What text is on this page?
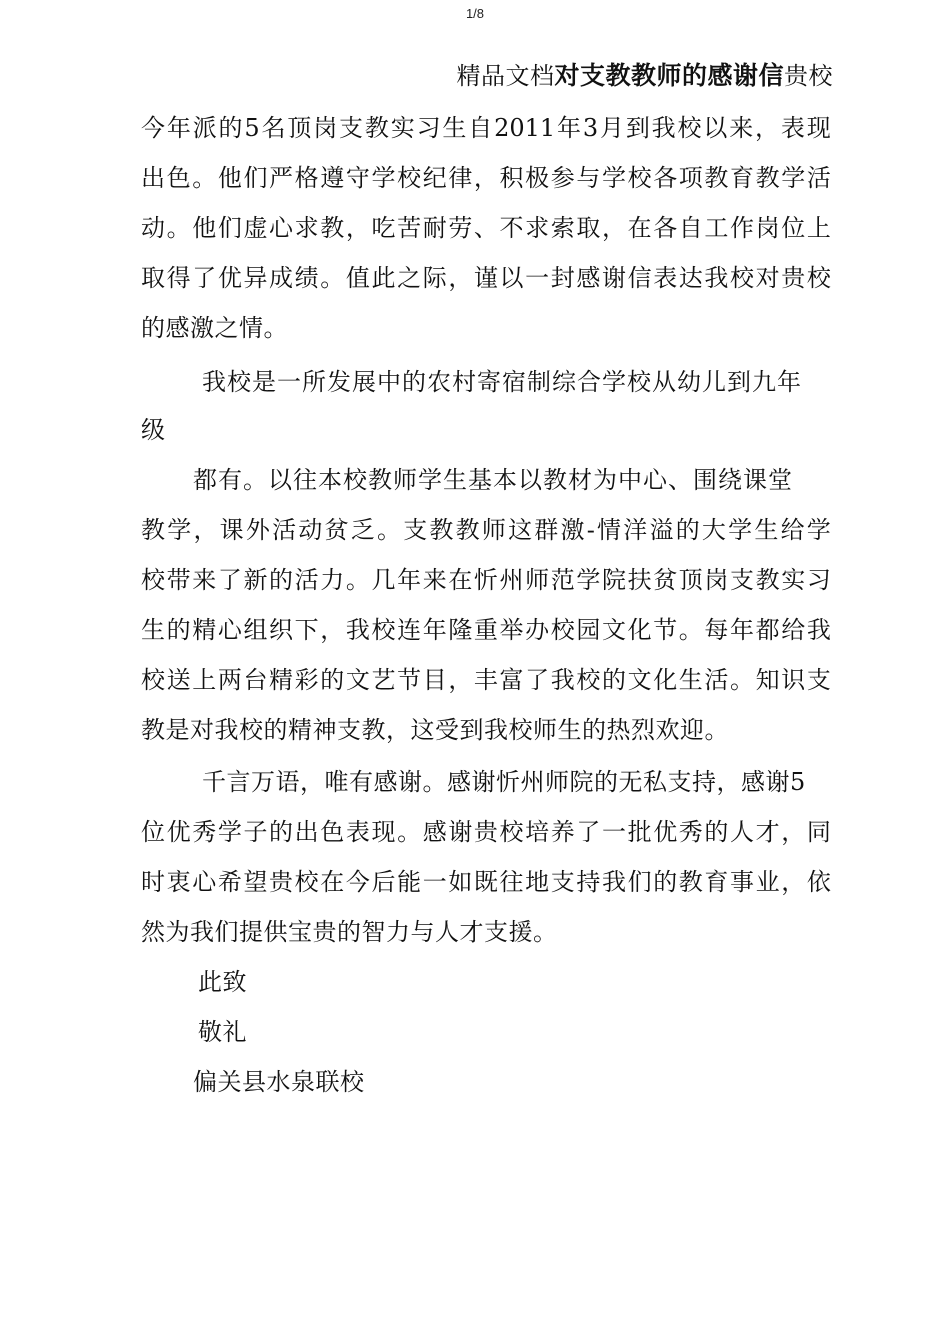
1/8
精品文档对支教教师的感谢信贵校
今 年 派 的 5 名 顶 岗 支 教 实 习 生 自 2011 年 3 月 到 我 校 以 来 ， 表 现
出 色 。 他 们 严 格 遵 守 学 校 纪 律 ， 积 极 参 与 学 校 各 项 教 育 教 学 活
动 。 他 们 虚 心 求 教 ， 吃 苦 耐 劳 、 不 求 索 取 ， 在 各 自 工 作 岗 位 上
取 得 了 优 异 成 绩 。 值 此 之 际 ， 谨 以 一 封 感 谢 信 表 达 我 校 对 贵 校
的感激之情。
我校是一所发展中的农村寄宿制综合学校从幼儿到九年
级
都有。以往本校教师学生基本以教材为中心、围绕课堂
教 学 ， 课 外 活 动 贫 乏 。 支 教 教 师 这 群 激 - 情 洋 溢 的 大 学 生 给 学
校 带 来 了 新 的 活 力 。 几 年 来 在 忻 州 师 范 学 院 扶 贫 顶 岗 支 教 实 习
生 的 精 心 组 织 下 ， 我 校 连 年 隆 重 举 办 校 园 文 化 节 。 每 年 都 给 我
校 送 上 两 台 精 彩 的 文 艺 节 目 ， 丰 富 了 我 校 的 文 化 生 活 。 知 识 支
教是对我校的精神支教，这受到我校师生的热烈欢迎。
千言万语，唯有感谢。感谢忻州师院的无私支持，感谢5
位 优 秀 学 子 的 出 色 表 现 。 感 谢 贵 校 培 养 了 一 批 优 秀 的 人 才 ， 同
时 衷 心 希 望 贵 校 在 今 后 能 一 如 既 往 地 支 持 我 们 的 教 育 事 业 ， 依
然为我们提供宝贵的智力与人才支援。
此致
敬礼
偏关县水泉联校
